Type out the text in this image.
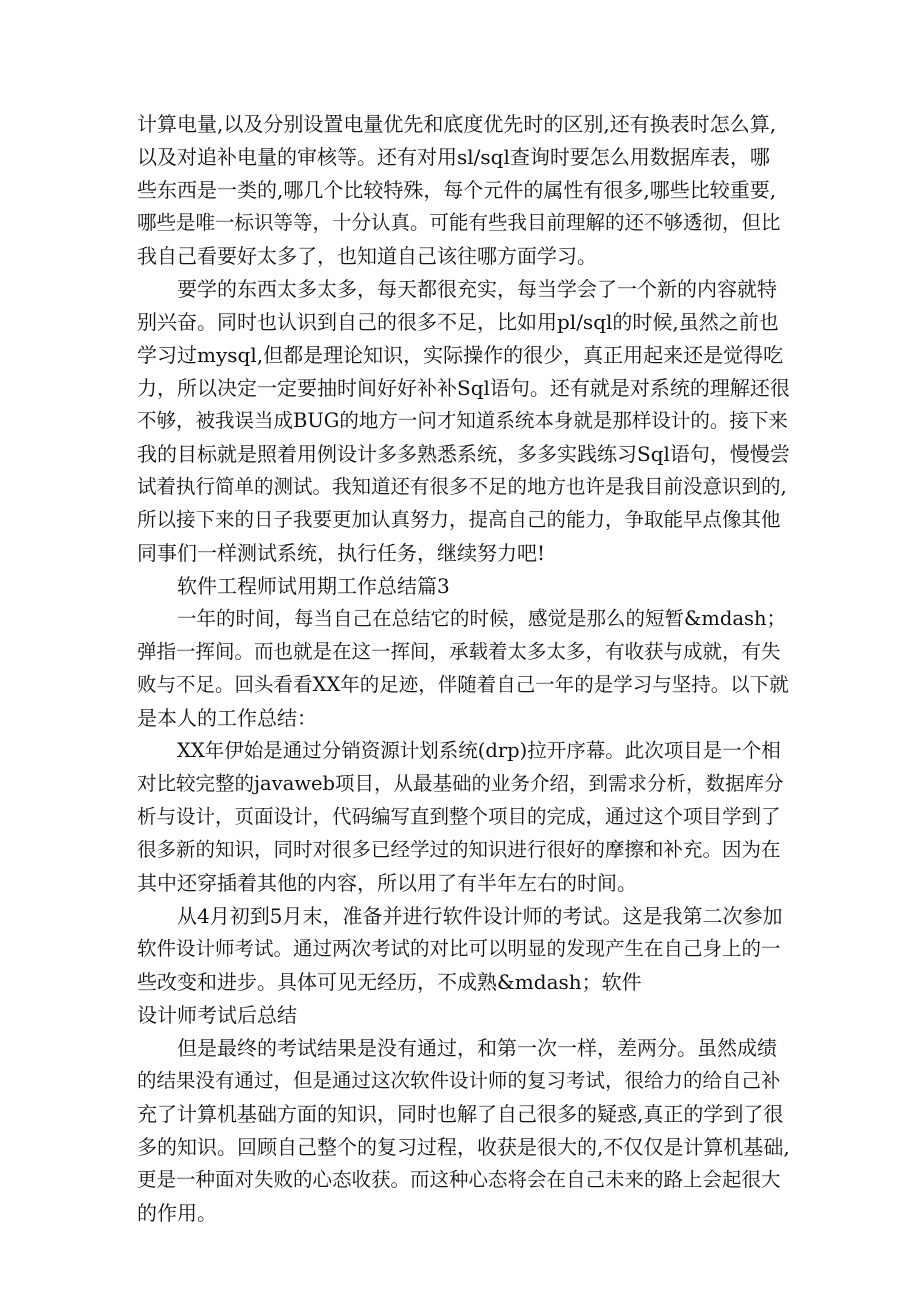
计算电量,以及分别设置电量优先和底度优先时的区别,还有换表时怎么算,
以及对追补电量的审核等。还有对用sl/sql查询时要怎么用数据库表，哪
些东西是一类的,哪几个比较特殊，每个元件的属性有很多,哪些比较重要,
哪些是唯一标识等等，十分认真。可能有些我目前理解的还不够透彻，但比
我自己看要好太多了，也知道自己该往哪方面学习。
要学的东西太多太多，每天都很充实，每当学会了一个新的内容就特
别兴奋。同时也认识到自己的很多不足，比如用pl/sql的时候,虽然之前也
学习过mysql,但都是理论知识，实际操作的很少，真正用起来还是觉得吃
力，所以决定一定要抽时间好好补补Sql语句。还有就是对系统的理解还很
不够，被我误当成BUG的地方一问才知道系统本身就是那样设计的。接下来
我的目标就是照着用例设计多多熟悉系统，多多实践练习Sql语句，慢慢尝
试着执行简单的测试。我知道还有很多不足的地方也许是我目前没意识到的,
所以接下来的日子我要更加认真努力，提高自己的能力，争取能早点像其他
同事们一样测试系统，执行任务，继续努力吧!
软件工程师试用期工作总结篇3
一年的时间，每当自己在总结它的时候，感觉是那么的短暂&mdash；
弹指一挥间。而也就是在这一挥间，承载着太多太多，有收获与成就，有失
败与不足。回头看看XX年的足迹，伴随着自己一年的是学习与坚持。以下就
是本人的工作总结：
XX年伊始是通过分销资源计划系统(drp)拉开序幕。此次项目是一个相
对比较完整的javaweb项目，从最基础的业务介绍，到需求分析，数据库分
析与设计，页面设计，代码编写直到整个项目的完成，通过这个项目学到了
很多新的知识，同时对很多已经学过的知识进行很好的摩擦和补充。因为在
其中还穿插着其他的内容，所以用了有半年左右的时间。
从4月初到5月末，准备并进行软件设计师的考试。这是我第二次参加
软件设计师考试。通过两次考试的对比可以明显的发现产生在自己身上的一
些改变和进步。具体可见无经历，不成熟&mdash；软件
设计师考试后总结
但是最终的考试结果是没有通过，和第一次一样，差两分。虽然成绩
的结果没有通过，但是通过这次软件设计师的复习考试，很给力的给自己补
充了计算机基础方面的知识，同时也解了自己很多的疑惑,真正的学到了很
多的知识。回顾自己整个的复习过程，收获是很大的,不仅仅是计算机基础,
更是一种面对失败的心态收获。而这种心态将会在自己未来的路上会起很大
的作用。
